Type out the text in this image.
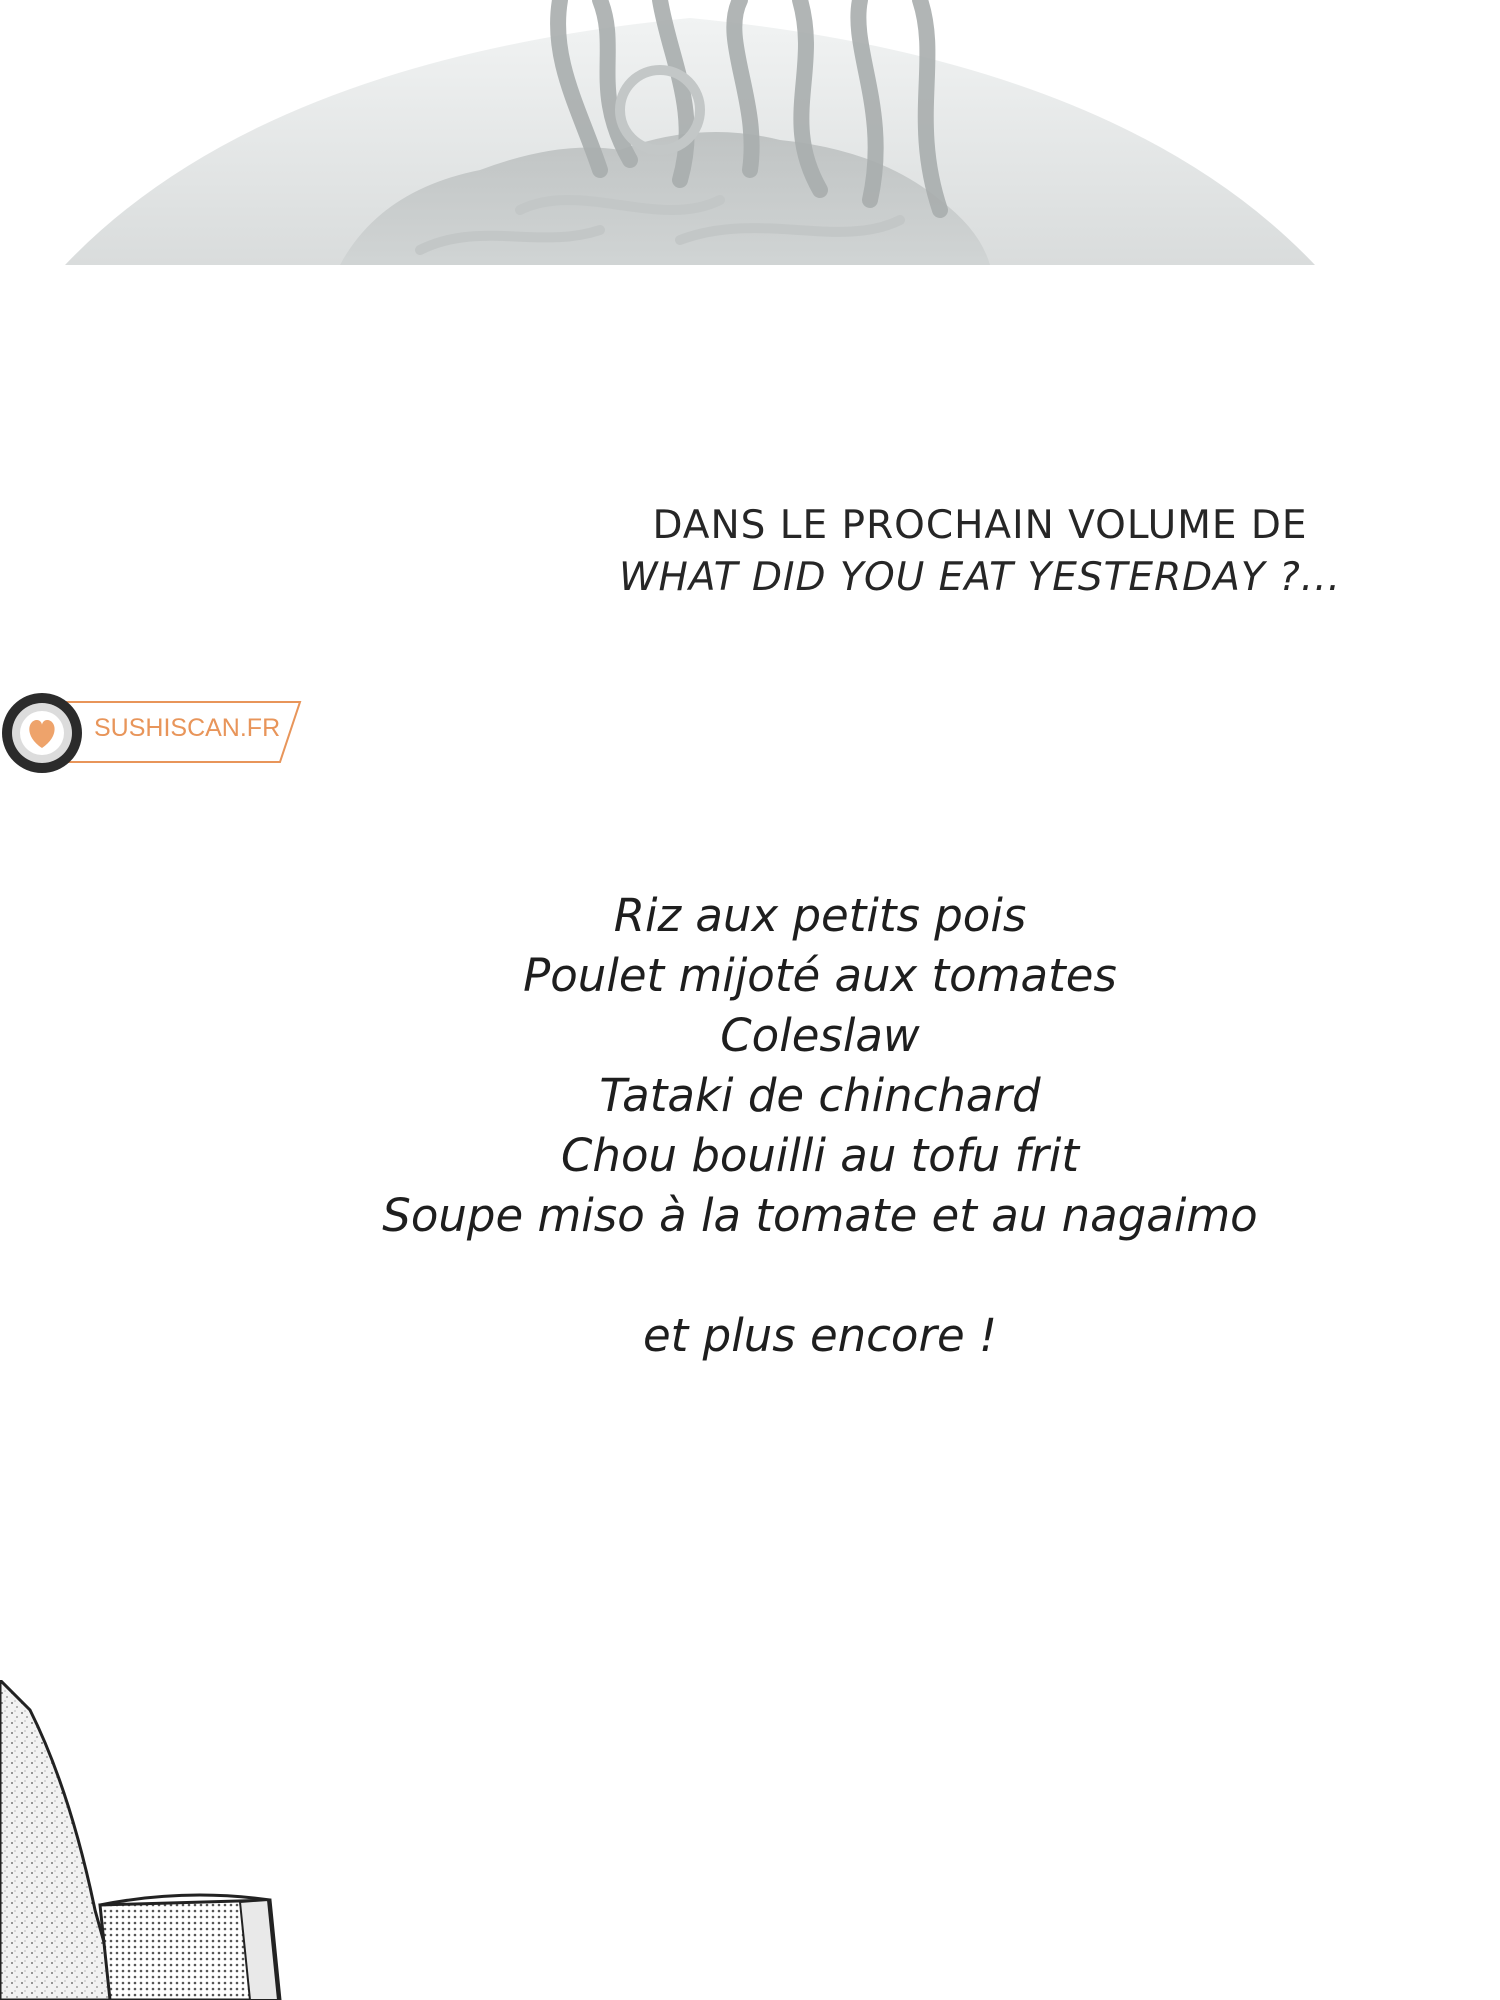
DANS LE PROCHAIN VOLUME DE
WHAT DID YOU EAT YESTERDAY ?...
SUSHISCAN.FR
Riz aux petits pois
Poulet mijoté aux tomates
Coleslaw
Tataki de chinchard
Chou bouilli au tofu frit
Soupe miso à la tomate et au nagaimo
et plus encore !
